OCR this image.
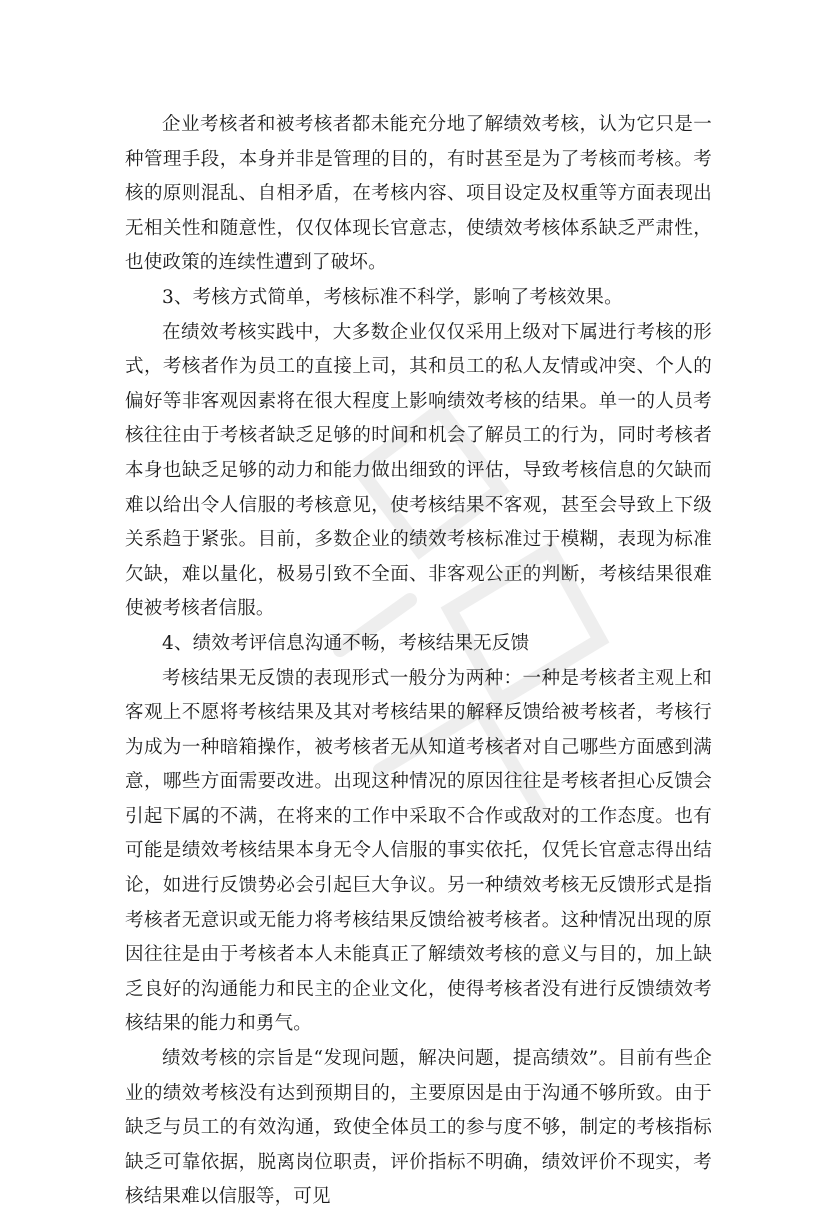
企业考核者和被考核者都未能充分地了解绩效考核，认为它只是一种管理手段，本身并非是管理的目的，有时甚至是为了考核而考核。考核的原则混乱、自相矛盾，在考核内容、项目设定及权重等方面表现出无相关性和随意性，仅仅体现长官意志，使绩效考核体系缺乏严肃性，也使政策的连续性遭到了破坏。

3、考核方式简单，考核标准不科学，影响了考核效果。

在绩效考核实践中，大多数企业仅仅采用上级对下属进行考核的形式，考核者作为员工的直接上司，其和员工的私人友情或冲突、个人的偏好等非客观因素将在很大程度上影响绩效考核的结果。单一的人员考核往往由于考核者缺乏足够的时间和机会了解员工的行为，同时考核者本身也缺乏足够的动力和能力做出细致的评估，导致考核信息的欠缺而难以给出令人信服的考核意见，使考核结果不客观，甚至会导致上下级关系趋于紧张。目前，多数企业的绩效考核标准过于模糊，表现为标准欠缺，难以量化，极易引致不全面、非客观公正的判断，考核结果很难使被考核者信服。

4、绩效考评信息沟通不畅，考核结果无反馈

考核结果无反馈的表现形式一般分为两种：一种是考核者主观上和客观上不愿将考核结果及其对考核结果的解释反馈给被考核者，考核行为成为一种暗箱操作，被考核者无从知道考核者对自己哪些方面感到满意，哪些方面需要改进。出现这种情况的原因往往是考核者担心反馈会引起下属的不满，在将来的工作中采取不合作或敌对的工作态度。也有可能是绩效考核结果本身无令人信服的事实依托，仅凭长官意志得出结论，如进行反馈势必会引起巨大争议。另一种绩效考核无反馈形式是指考核者无意识或无能力将考核结果反馈给被考核者。这种情况出现的原因往往是由于考核者本人未能真正了解绩效考核的意义与目的，加上缺乏良好的沟通能力和民主的企业文化，使得考核者没有进行反馈绩效考核结果的能力和勇气。

绩效考核的宗旨是“发现问题，解决问题，提高绩效”。目前有些企业的绩效考核没有达到预期目的，主要原因是由于沟通不够所致。由于缺乏与员工的有效沟通，致使全体员工的参与度不够，制定的考核指标缺乏可靠依据，脱离岗位职责，评价指标不明确，绩效评价不现实，考核结果难以信服等，可见
